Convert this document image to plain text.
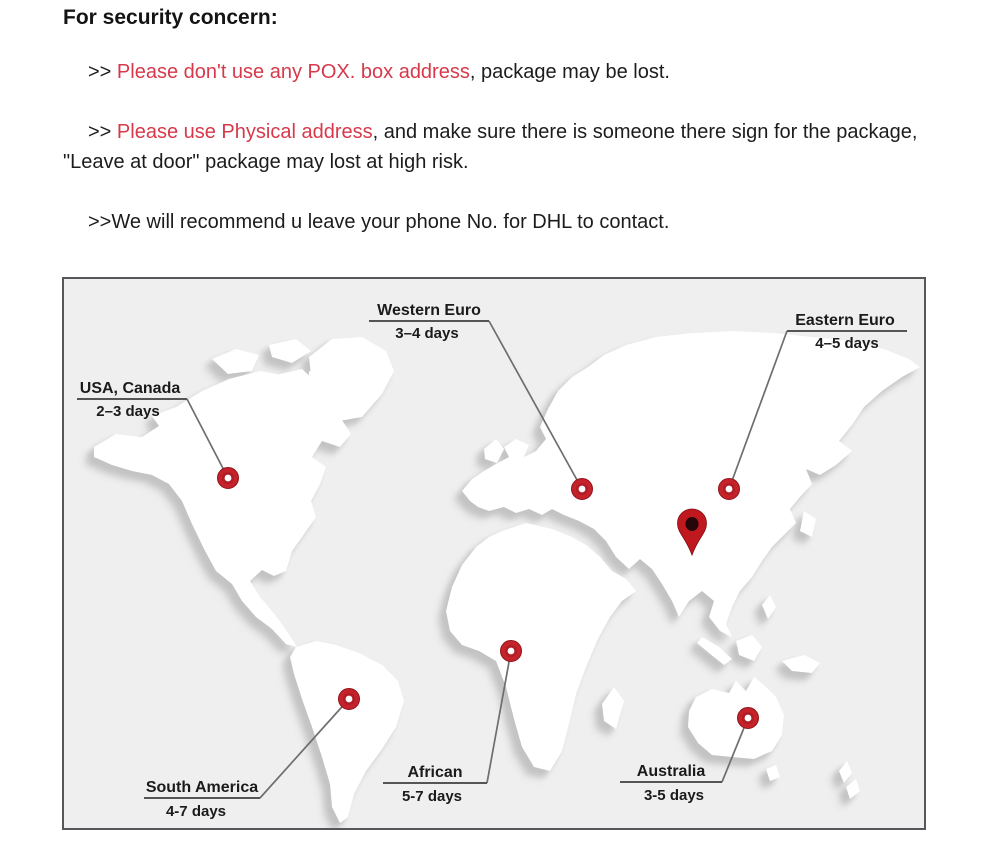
For security concern:

>> Please don't use any POX. box address, package may be lost.

>> Please use Physical address, and make sure there is someone there sign for the package, "Leave at door" package may lost at high risk.

>>We will recommend u leave your phone No. for DHL to contact.

USA, Canada
2–3 days
Western Euro
3–4 days
Eastern Euro
4–5 days
South America
4-7 days
African
5-7 days
Australia
3-5 days
